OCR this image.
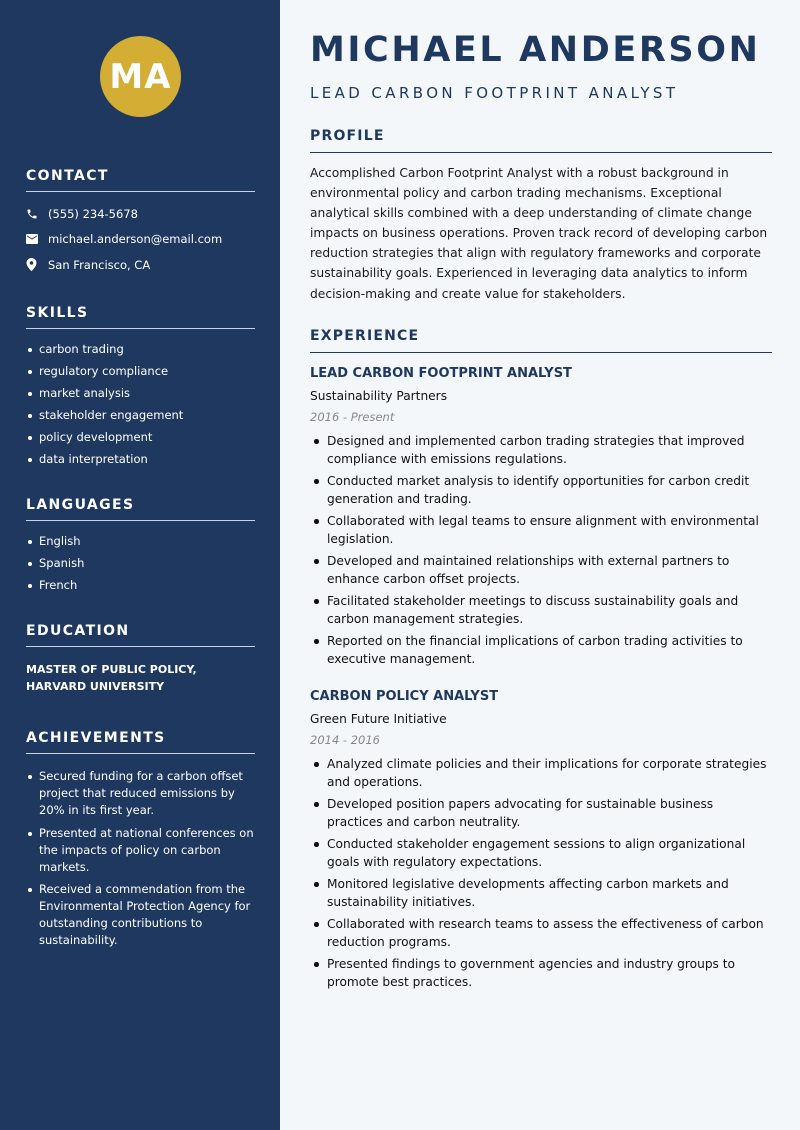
MA
CONTACT
(555) 234-5678
michael.anderson@email.com
San Francisco, CA
SKILLS
carbon trading
regulatory compliance
market analysis
stakeholder engagement
policy development
data interpretation
LANGUAGES
English
Spanish
French
EDUCATION
MASTER OF PUBLIC POLICY, HARVARD UNIVERSITY
ACHIEVEMENTS
Secured funding for a carbon offset project that reduced emissions by 20% in its first year.
Presented at national conferences on the impacts of policy on carbon markets.
Received a commendation from the Environmental Protection Agency for outstanding contributions to sustainability.
MICHAEL ANDERSON
LEAD CARBON FOOTPRINT ANALYST
PROFILE
Accomplished Carbon Footprint Analyst with a robust background in environmental policy and carbon trading mechanisms. Exceptional analytical skills combined with a deep understanding of climate change impacts on business operations. Proven track record of developing carbon reduction strategies that align with regulatory frameworks and corporate sustainability goals. Experienced in leveraging data analytics to inform decision-making and create value for stakeholders.
EXPERIENCE
LEAD CARBON FOOTPRINT ANALYST
Sustainability Partners
2016 - Present
Designed and implemented carbon trading strategies that improved compliance with emissions regulations.
Conducted market analysis to identify opportunities for carbon credit generation and trading.
Collaborated with legal teams to ensure alignment with environmental legislation.
Developed and maintained relationships with external partners to enhance carbon offset projects.
Facilitated stakeholder meetings to discuss sustainability goals and carbon management strategies.
Reported on the financial implications of carbon trading activities to executive management.
CARBON POLICY ANALYST
Green Future Initiative
2014 - 2016
Analyzed climate policies and their implications for corporate strategies and operations.
Developed position papers advocating for sustainable business practices and carbon neutrality.
Conducted stakeholder engagement sessions to align organizational goals with regulatory expectations.
Monitored legislative developments affecting carbon markets and sustainability initiatives.
Collaborated with research teams to assess the effectiveness of carbon reduction programs.
Presented findings to government agencies and industry groups to promote best practices.
